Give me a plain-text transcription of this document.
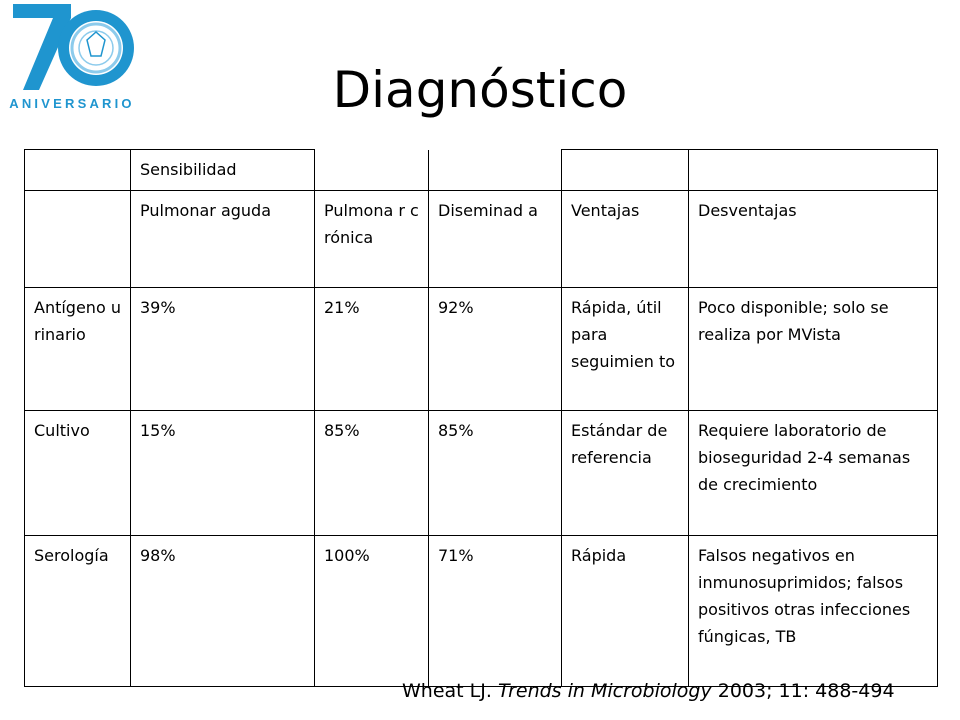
ANIVERSARIO	Diagnóstico
	Sensibilidad				
	Pulmonar aguda	Pulmona r crónica	Diseminad a	Ventajas	Desventajas
Antígeno urinario	39%	21%	92%	Rápida, útil para seguimien to	Poco disponible; solo se realiza por MVista
Cultivo	15%	85%	85%	Estándar de referencia	Requiere laboratorio de bioseguridad 2-4 semanas de crecimiento
Serología	98%	100%	71%	Rápida	Falsos negativos en inmunosuprimidos; falsos positivos otras infecciones fúngicas, TB
Wheat LJ. Trends in Microbiology 2003; 11: 488-494
